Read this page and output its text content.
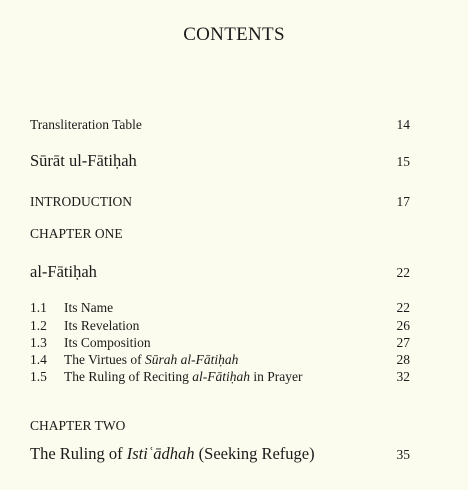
CONTENTS
Transliteration Table	14
Sūrāt ul-Fātiḥah	15
INTRODUCTION	17
CHAPTER ONE
al-Fātiḥah	22
1.1	Its Name	22
1.2	Its Revelation	26
1.3	Its Composition	27
1.4	The Virtues of Sūrah al-Fātiḥah	28
1.5	The Ruling of Reciting al-Fātiḥah in Prayer	32
CHAPTER TWO
The Ruling of Istiʿādhah (Seeking Refuge)	35
